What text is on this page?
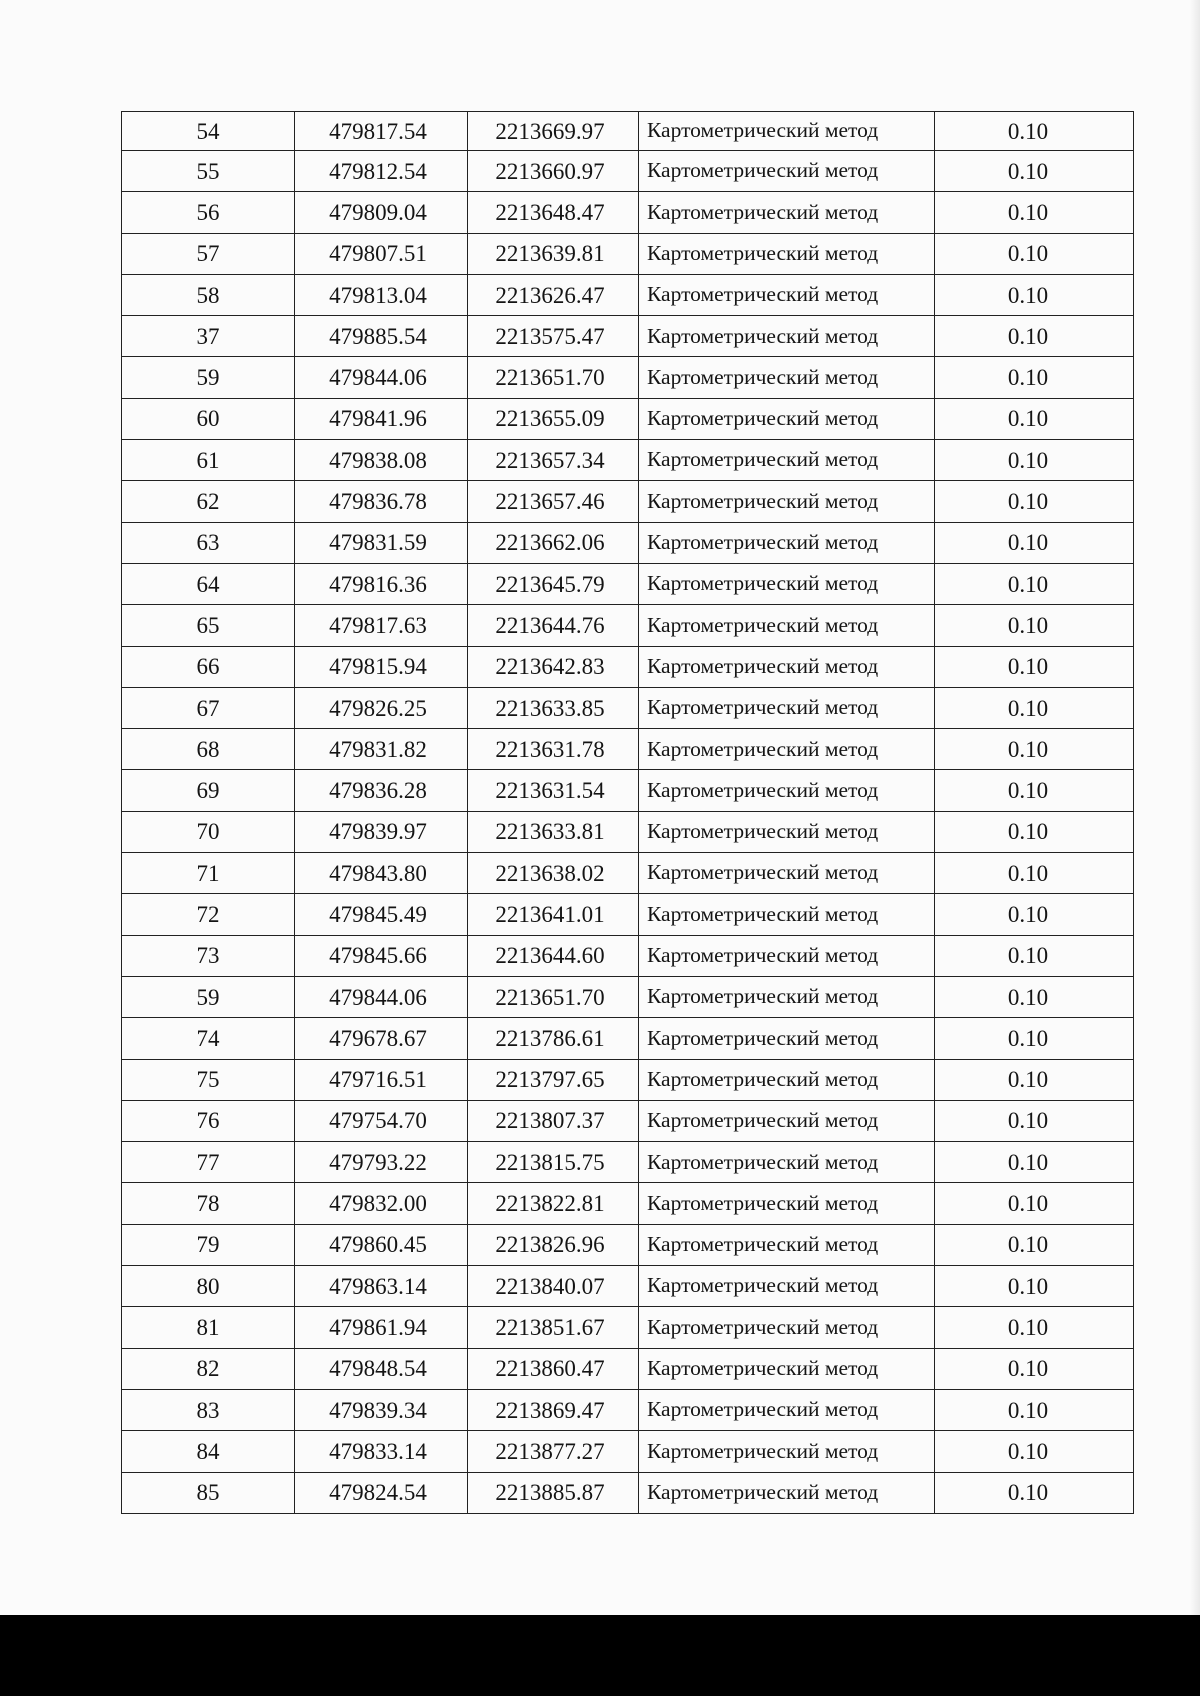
54	479817.54	2213669.97	Картометрический метод	0.10
55	479812.54	2213660.97	Картометрический метод	0.10
56	479809.04	2213648.47	Картометрический метод	0.10
57	479807.51	2213639.81	Картометрический метод	0.10
58	479813.04	2213626.47	Картометрический метод	0.10
37	479885.54	2213575.47	Картометрический метод	0.10
59	479844.06	2213651.70	Картометрический метод	0.10
60	479841.96	2213655.09	Картометрический метод	0.10
61	479838.08	2213657.34	Картометрический метод	0.10
62	479836.78	2213657.46	Картометрический метод	0.10
63	479831.59	2213662.06	Картометрический метод	0.10
64	479816.36	2213645.79	Картометрический метод	0.10
65	479817.63	2213644.76	Картометрический метод	0.10
66	479815.94	2213642.83	Картометрический метод	0.10
67	479826.25	2213633.85	Картометрический метод	0.10
68	479831.82	2213631.78	Картометрический метод	0.10
69	479836.28	2213631.54	Картометрический метод	0.10
70	479839.97	2213633.81	Картометрический метод	0.10
71	479843.80	2213638.02	Картометрический метод	0.10
72	479845.49	2213641.01	Картометрический метод	0.10
73	479845.66	2213644.60	Картометрический метод	0.10
59	479844.06	2213651.70	Картометрический метод	0.10
74	479678.67	2213786.61	Картометрический метод	0.10
75	479716.51	2213797.65	Картометрический метод	0.10
76	479754.70	2213807.37	Картометрический метод	0.10
77	479793.22	2213815.75	Картометрический метод	0.10
78	479832.00	2213822.81	Картометрический метод	0.10
79	479860.45	2213826.96	Картометрический метод	0.10
80	479863.14	2213840.07	Картометрический метод	0.10
81	479861.94	2213851.67	Картометрический метод	0.10
82	479848.54	2213860.47	Картометрический метод	0.10
83	479839.34	2213869.47	Картометрический метод	0.10
84	479833.14	2213877.27	Картометрический метод	0.10
85	479824.54	2213885.87	Картометрический метод	0.10
